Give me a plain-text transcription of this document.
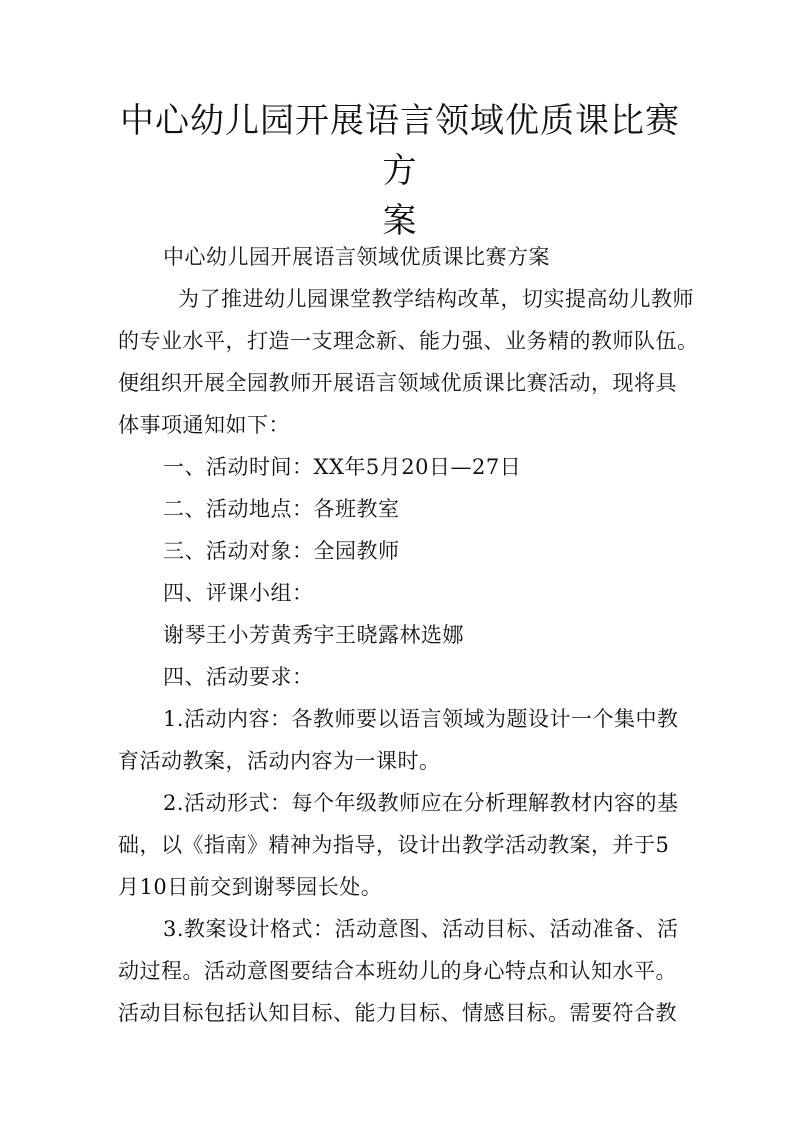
中心幼儿园开展语言领域优质课比赛方
案
中心幼儿园开展语言领域优质课比赛方案
为了推进幼儿园课堂教学结构改革，切实提高幼儿教师
的专业水平，打造一支理念新、能力强、业务精的教师队伍。
便组织开展全园教师开展语言领域优质课比赛活动，现将具
体事项通知如下：
一、活动时间：XX年5月20日—27日
二、活动地点：各班教室
三、活动对象：全园教师
四、评课小组：
谢琴王小芳黄秀宇王晓露林选娜
四、活动要求：
1.活动内容：各教师要以语言领域为题设计一个集中教
育活动教案，活动内容为一课时。
2.活动形式：每个年级教师应在分析理解教材内容的基
础，以《指南》精神为指导，设计出教学活动教案，并于5
月10日前交到谢琴园长处。
3.教案设计格式：活动意图、活动目标、活动准备、活
动过程。活动意图要结合本班幼儿的身心特点和认知水平。
活动目标包括认知目标、能力目标、情感目标。需要符合教
